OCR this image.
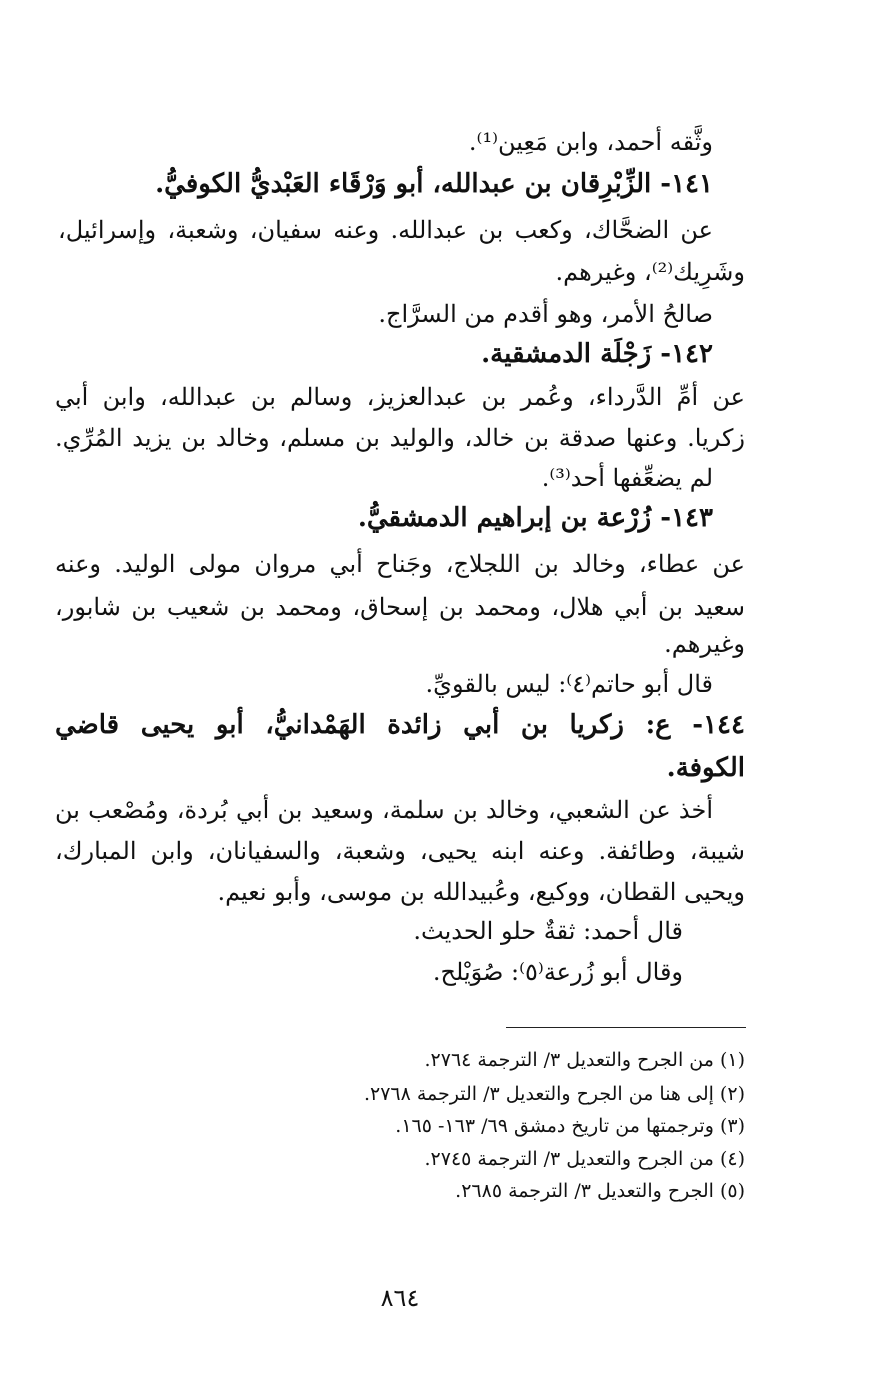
وثَّقه أحمد، وابن مَعِين⁽¹⁾.
١٤١- الزِّبْرِقان بن عبدالله، أبو وَرْقَاء العَبْديُّ الكوفيُّ.
عن الضحَّاك، وكعب بن عبدالله. وعنه سفيان، وشعبة، وإسرائيل،
وشَرِيك⁽²⁾، وغيرهم.
صالحُ الأمر، وهو أقدم من السرَّاج.
١٤٢- زَجْلَة الدمشقية.
عن أمِّ الدَّرداء، وعُمر بن عبدالعزيز، وسالم بن عبدالله، وابن أبي
زكريا. وعنها صدقة بن خالد، والوليد بن مسلم، وخالد بن يزيد المُرِّي.
لم يضعِّفها أحد⁽³⁾.
١٤٣- زُرْعة بن إبراهيم الدمشقيُّ.
عن عطاء، وخالد بن اللجلاج، وجَناح أبي مروان مولى الوليد. وعنه
سعيد بن أبي هلال، ومحمد بن إسحاق، ومحمد بن شعيب بن شابور،
وغيرهم.
قال أبو حاتم⁽٤⁾: ليس بالقويِّ.
١٤٤- ع: زكريا بن أبي زائدة الهَمْدانيُّ، أبو يحيى قاضي
الكوفة.
أخذ عن الشعبي، وخالد بن سلمة، وسعيد بن أبي بُردة، ومُصْعب بن
شيبة، وطائفة. وعنه ابنه يحيى، وشعبة، والسفيانان، وابن المبارك،
ويحيى القطان، ووكيع، وعُبيدالله بن موسى، وأبو نعيم.
قال أحمد: ثقةٌ حلو الحديث.
وقال أبو زُرعة⁽٥⁾: صُوَيْلح.
(١) من الجرح والتعديل ٣/ الترجمة ٢٧٦٤.
(٢) إلى هنا من الجرح والتعديل ٣/ الترجمة ٢٧٦٨.
(٣) وترجمتها من تاريخ دمشق ٦٩/ ١٦٣- ١٦٥.
(٤) من الجرح والتعديل ٣/ الترجمة ٢٧٤٥.
(٥) الجرح والتعديل ٣/ الترجمة ٢٦٨٥.
٨٦٤
